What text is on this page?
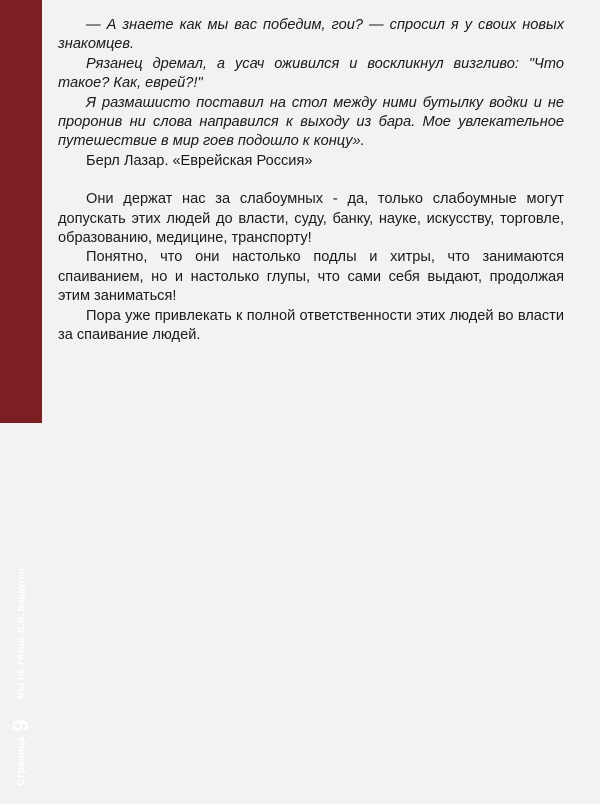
Страница
9
МЫ НЕ РАБЫ. В.И. Вардугин

— А знаете как мы вас победим, гои? — спросил я у своих новых знакомцев.

Рязанец дремал, а усач оживился и воскликнул визгливо: "Что такое? Как, еврей?!"

Я размашисто поставил на стол между ними бутылку водки и не проронив ни слова направился к выходу из бара. Мое увлекательное путешествие в мир гоев подошло к концу».

Берл Лазар. «Еврейская Россия»

Они держат нас за слабоумных - да, только слабоумные могут допускать этих людей до власти, суду, банку, науке, искусству, торговле, образованию, медицине, транспорту!

Понятно, что они настолько подлы и хитры, что занимаются спаиванием, но и настолько глупы, что сами себя выдают, продолжая этим заниматься!

Пора уже привлекать к полной ответственности этих людей во власти за спаивание людей.
